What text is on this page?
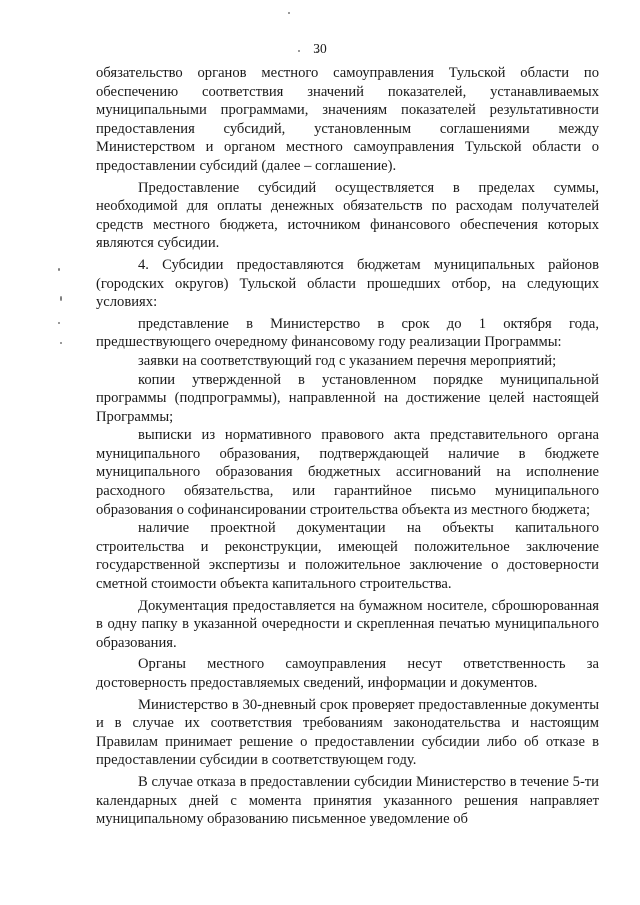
30

обязательство органов местного самоуправления Тульской области по обеспечению соответствия значений показателей, устанавливаемых муниципальными программами, значениям показателей результативности предоставления субсидий, установленным соглашениями между Министерством и органом местного самоуправления Тульской области о предоставлении субсидий (далее – соглашение).

Предоставление субсидий осуществляется в пределах суммы, необходимой для оплаты денежных обязательств по расходам получателей средств местного бюджета, источником финансового обеспечения которых являются субсидии.

4. Субсидии предоставляются бюджетам муниципальных районов (городских округов) Тульской области прошедших отбор, на следующих условиях:

представление в Министерство в срок до 1 октября года, предшествующего очередному финансовому году реализации Программы:

заявки на соответствующий год с указанием перечня мероприятий;

копии утвержденной в установленном порядке муниципальной программы (подпрограммы), направленной на достижение целей настоящей Программы;

выписки из нормативного правового акта представительного органа муниципального образования, подтверждающей наличие в бюджете муниципального образования бюджетных ассигнований на исполнение расходного обязательства, или гарантийное письмо муниципального образования о софинансировании строительства объекта из местного бюджета;

наличие проектной документации на объекты капитального строительства и реконструкции, имеющей положительное заключение государственной экспертизы и положительное заключение о достоверности сметной стоимости объекта капитального строительства.

Документация предоставляется на бумажном носителе, сброшюрованная в одну папку в указанной очередности и скрепленная печатью муниципального образования.

Органы местного самоуправления несут ответственность за достоверность предоставляемых сведений, информации и документов.

Министерство в 30-дневный срок проверяет предоставленные документы и в случае их соответствия требованиям законодательства и настоящим Правилам принимает решение о предоставлении субсидии либо об отказе в предоставлении субсидии в соответствующем году.

В случае отказа в предоставлении субсидии Министерство в течение 5-ти календарных дней с момента принятия указанного решения направляет муниципальному образованию письменное уведомление об
